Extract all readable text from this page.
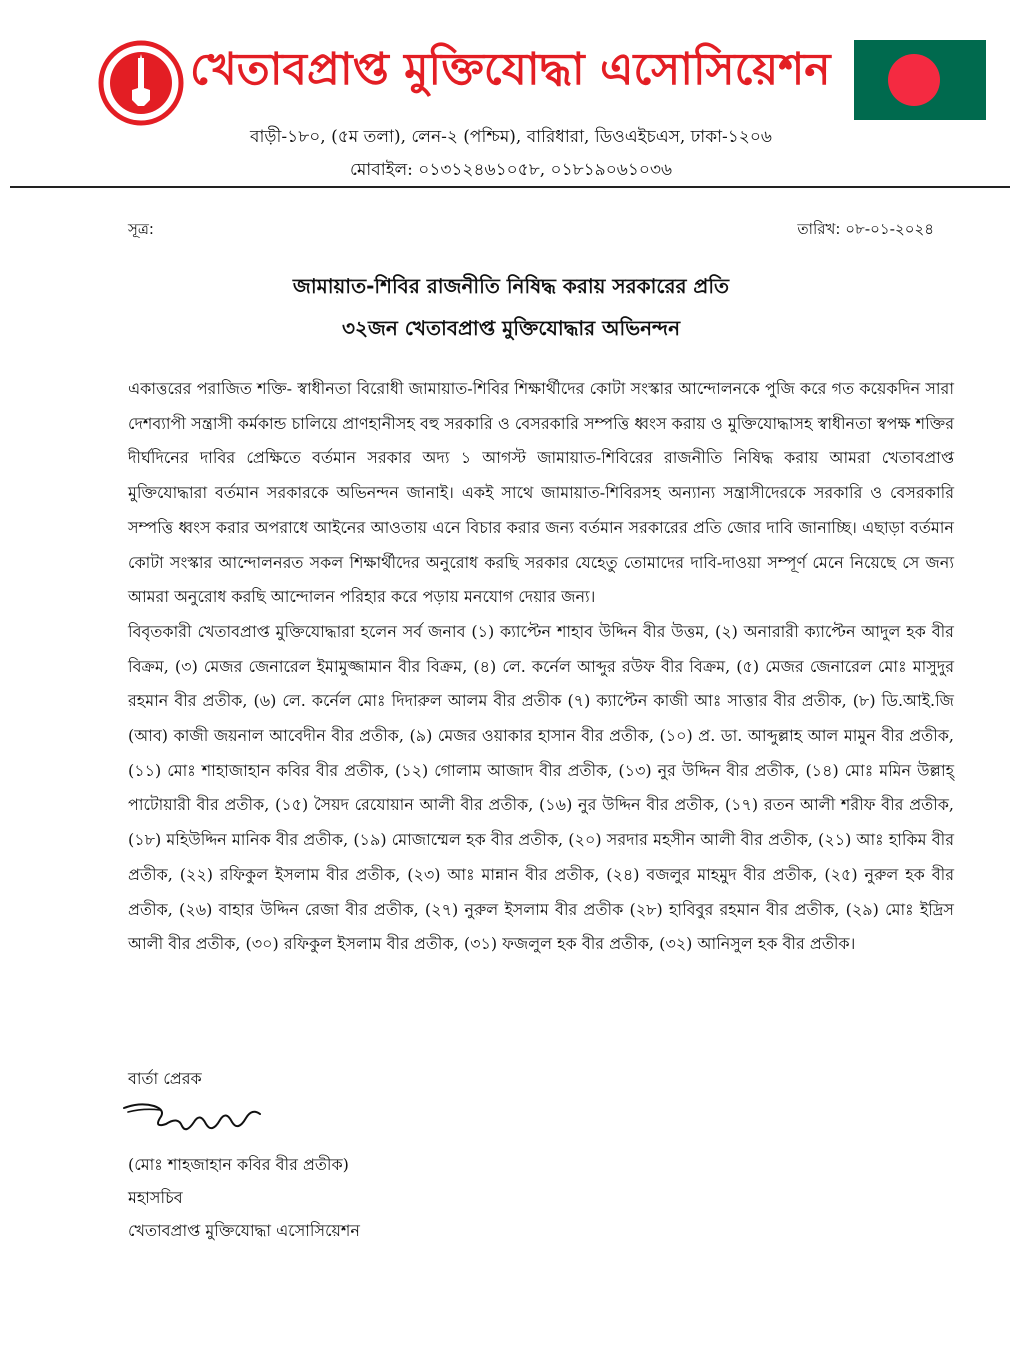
খেতাবপ্রাপ্ত মুক্তিযোদ্ধা এসোসিয়েশন
বাড়ী-১৮০, (৫ম তলা), লেন-২ (পশ্চিম), বারিধারা, ডিওএইচএস, ঢাকা-১২০৬
মোবাইল: ০১৩১২৪৬১০৫৮, ০১৮১৯০৬১০৩৬
সূত্র:	তারিখ: ০৮-০১-২০২৪
জামায়াত-শিবির রাজনীতি নিষিদ্ধ করায় সরকারের প্রতি
৩২জন খেতাবপ্রাপ্ত মুক্তিযোদ্ধার অভিনন্দন

একাত্তরের পরাজিত শক্তি- স্বাধীনতা বিরোধী জামায়াত-শিবির শিক্ষার্থীদের কোটা সংস্কার আন্দোলনকে পুজি করে গত কয়েকদিন সারা দেশব্যাপী সন্ত্রাসী কর্মকান্ড চালিয়ে প্রাণহানীসহ বহু সরকারি ও বেসরকারি সম্পত্তি ধ্বংস করায় ও মুক্তিযোদ্ধাসহ স্বাধীনতা স্বপক্ষ শক্তির দীর্ঘদিনের দাবির প্রেক্ষিতে বর্তমান সরকার অদ্য ১ আগস্ট জামায়াত-শিবিরের রাজনীতি নিষিদ্ধ করায় আমরা খেতাবপ্রাপ্ত মুক্তিযোদ্ধারা বর্তমান সরকারকে অভিনন্দন জানাই। একই সাথে জামায়াত-শিবিরসহ অন্যান্য সন্ত্রাসীদেরকে সরকারি ও বেসরকারি সম্পত্তি ধ্বংস করার অপরাধে আইনের আওতায় এনে বিচার করার জন্য বর্তমান সরকারের প্রতি জোর দাবি জানাচ্ছি। এছাড়া বর্তমান কোটা সংস্কার আন্দোলনরত সকল শিক্ষার্থীদের অনুরোধ করছি সরকার যেহেতু তোমাদের দাবি-দাওয়া সম্পূর্ণ মেনে নিয়েছে সে জন্য আমরা অনুরোধ করছি আন্দোলন পরিহার করে পড়ায় মনযোগ দেয়ার জন্য।

বিবৃতকারী খেতাবপ্রাপ্ত মুক্তিযোদ্ধারা হলেন সর্ব জনাব (১) ক্যাপ্টেন শাহাব উদ্দিন বীর উত্তম, (২) অনারারী ক্যাপ্টেন আদুল হক বীর বিক্রম, (৩) মেজর জেনারেল ইমামুজ্জামান বীর বিক্রম, (৪) লে. কর্নেল আব্দুর রউফ বীর বিক্রম, (৫) মেজর জেনারেল মোঃ মাসুদুর রহমান বীর প্রতীক, (৬) লে. কর্নেল মোঃ দিদারুল আলম বীর প্রতীক (৭) ক্যাপ্টেন কাজী আঃ সাত্তার বীর প্রতীক, (৮) ডি.আই.জি (আব) কাজী জয়নাল আবেদীন বীর প্রতীক, (৯) মেজর ওয়াকার হাসান বীর প্রতীক, (১০) প্র. ডা. আব্দুল্লাহ আল মামুন বীর প্রতীক, (১১) মোঃ শাহাজাহান কবির বীর প্রতীক, (১২) গোলাম আজাদ বীর প্রতীক, (১৩) নুর উদ্দিন বীর প্রতীক, (১৪) মোঃ মমিন উল্লাহ্ পাটোয়ারী বীর প্রতীক, (১৫) সৈয়দ রেযোয়ান আলী বীর প্রতীক, (১৬) নুর উদ্দিন বীর প্রতীক, (১৭) রতন আলী শরীফ বীর প্রতীক, (১৮) মহিউদ্দিন মানিক বীর প্রতীক, (১৯) মোজাম্মেল হক বীর প্রতীক, (২০) সরদার মহসীন আলী বীর প্রতীক, (২১) আঃ হাকিম বীর প্রতীক, (২২) রফিকুল ইসলাম বীর প্রতীক, (২৩) আঃ মান্নান বীর প্রতীক, (২৪) বজলুর মাহমুদ বীর প্রতীক, (২৫) নুরুল হক বীর প্রতীক, (২৬) বাহার উদ্দিন রেজা বীর প্রতীক, (২৭) নুরুল ইসলাম বীর প্রতীক (২৮) হাবিবুর রহমান বীর প্রতীক, (২৯) মোঃ ইদ্রিস আলী বীর প্রতীক, (৩০) রফিকুল ইসলাম বীর প্রতীক, (৩১) ফজলুল হক বীর প্রতীক, (৩২) আনিসুল হক বীর প্রতীক।

বার্তা প্রেরক
(মোঃ শাহজাহান কবির বীর প্রতীক)
মহাসচিব
খেতাবপ্রাপ্ত মুক্তিযোদ্ধা এসোসিয়েশন
